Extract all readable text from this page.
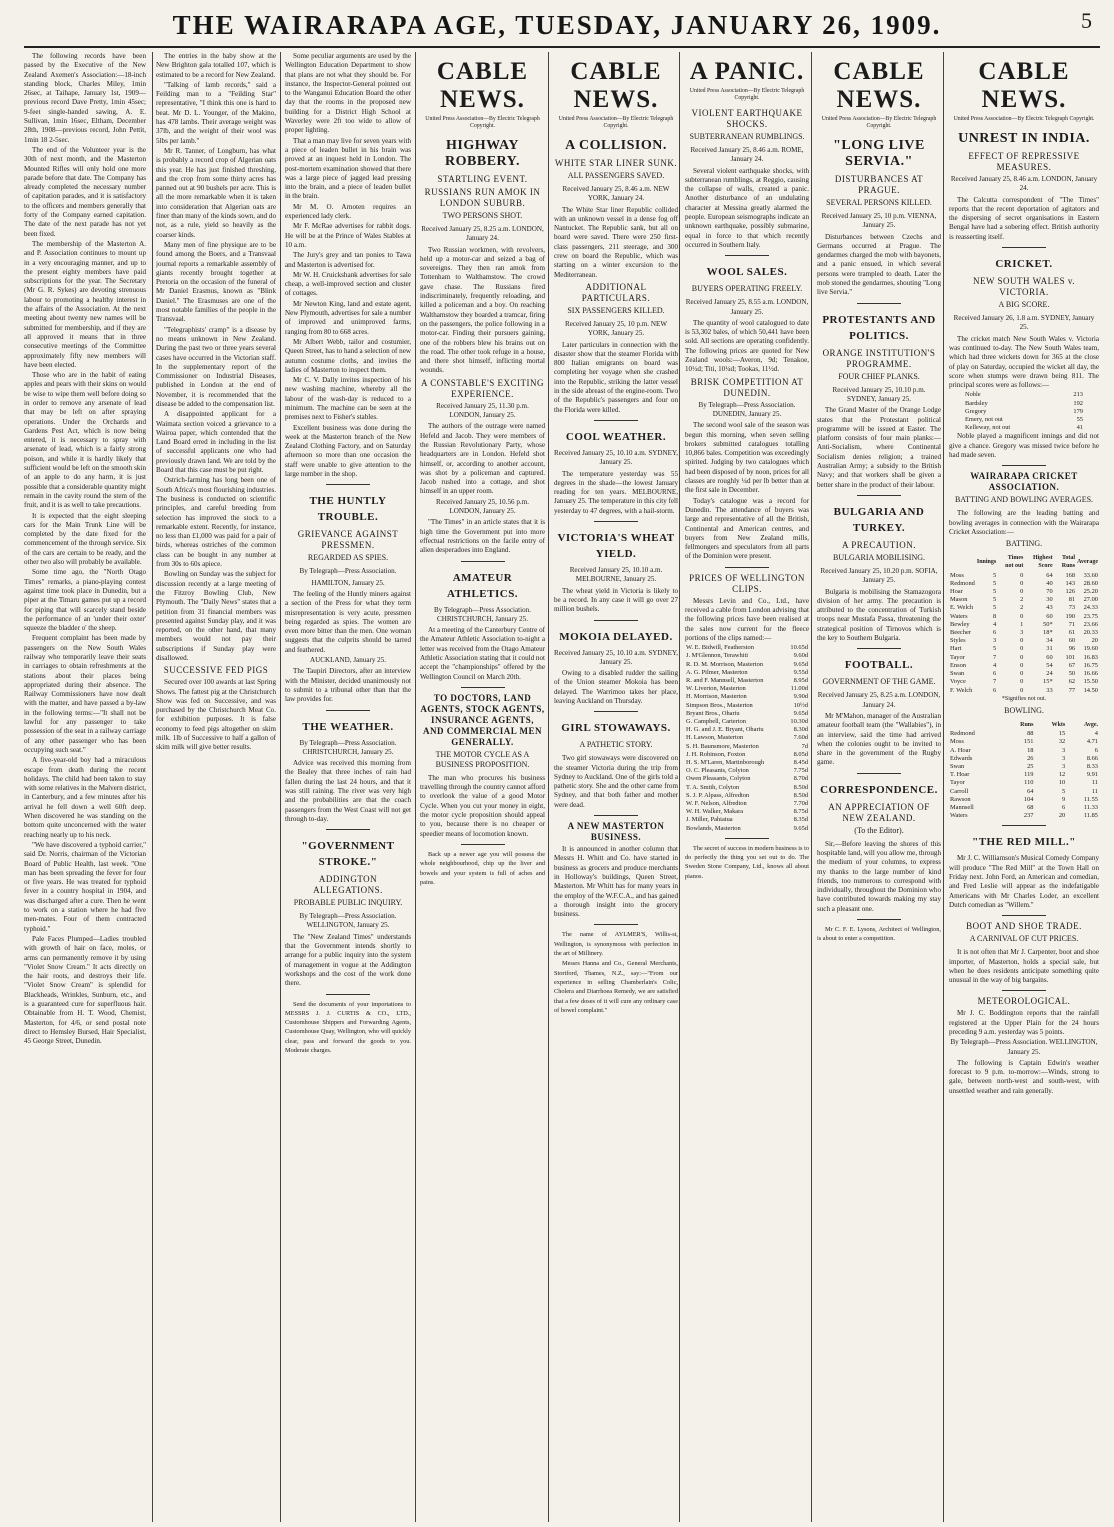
THE WAIRARAPA AGE, TUESDAY, JANUARY 26, 1909.	5

The following records have been passed by the Executive of the New Zealand Axemen's Association:—18-inch standing block, Charles Miley, 1min 26sec, at Taihape, January 1st, 1909—previous record Dave Pretty, 1min 45sec; 9-feet single-handed sawing, A. E. Sullivan, 1min 16sec, Eltham, December 28th, 1908—previous record, John Pettit, 1min 18 2-5sec.

The end of the Volunteer year is the 30th of next month, and the Masterton Mounted Rifles will only hold one more parade before that date. The Company has already completed the necessary number of capitation parades, and it is satisfactory to the officers and members generally that forty of the Company earned capitation. The date of the next parade has not yet been fixed.

The membership of the Masterton A. and P. Association continues to mount up in a very encouraging manner, and up to the present eighty members have paid subscriptions for the year. The Secretary (Mr G. R. Sykes) are devoting strenuous labour to promoting a healthy interest in the affairs of the Association. At the next meeting about twenty new names will be submitted for membership, and if they are all approved it means that in three consecutive meetings of the Committee approximately fifty new members will have been elected.

Those who are in the habit of eating apples and pears with their skins on would be wise to wipe them well before doing so in order to remove any arsenate of lead that may be left on after spraying operations. Under the Orchards and Gardens Pest Act, which is now being entered, it is necessary to spray with arsenate of lead, which is a fairly strong poison, and while it is hardly likely that sufficient would be left on the smooth skin of an apple to do any harm, it is just possible that a considerable quantity might remain in the cavity round the stem of the fruit, and it is as well to take precautions.

It is expected that the eight sleeping cars for the Main Trunk Line will be completed by the date fixed for the commencement of the through service. Six of the cars are certain to be ready, and the other two also will probably be available.

Some time ago, the "North Otago Times" remarks, a piano-playing contest against time took place in Dunedin, but a piper at the Timaru games put up a record for piping that will scarcely stand beside the performance of an 'under their oxter' squeeze the bladder o' the sheep.

Frequent complaint has been made by passengers on the New South Wales railway who temporarily leave their seats in carriages to obtain refreshments at the stations about their places being appropriated during their absence. The Railway Commissioners have now dealt with the matter, and have passed a by-law in the following terms:—"It shall not be lawful for any passenger to take possession of the seat in a railway carriage of any other passenger who has been occupying such seat."

A five-year-old boy had a miraculous escape from death during the recent holidays. The child had been taken to stay with some relatives in the Malvern district, in Canterbury, and a few minutes after his arrival he fell down a well 60ft deep. When discovered he was standing on the bottom quite unconcerned with the water reaching nearly up to his neck.

"We have discovered a typhoid carrier," said Dr. Norris, chairman of the Victorian Board of Public Health, last week. "One man has been spreading the fever for four or five years. He was treated for typhoid fever in a country hospital in 1904, and was discharged after a cure. Then he went to work on a station where he had five men-mates. Four of them contracted typhoid."

Pale Faces Plumped—Ladies troubled with growth of hair on face, moles, or arms can permanently remove it by using "Violet Snow Cream." It acts directly on the hair roots, and destroys their life. "Violet Snow Cream" is splendid for Blackheads, Wrinkles, Sunburn, etc., and is a guaranteed cure for superfluous hair. Obtainable from H. T. Wood, Chemist, Masterton, for 4/6, or send postal note direct to Hemsley Bursed, Hair Specialist, 45 George Street, Dunedin.

The entries in the baby show at the New Brighton gala totalled 107, which is estimated to be a record for New Zealand.

"Talking of lamb records," said a Feilding man to a "Feilding Star" representative, "I think this one is hard to beat. Mr D. L. Younger, of the Makino, has 478 lambs. Their average weight was 37lb, and the weight of their wool was 5lbs per lamb."

Mr R. Tanner, of Longburn, has what is probably a record crop of Algerian oats this year. He has just finished threshing, and the crop from some thirty acres has panned out at 90 bushels per acre. This is all the more remarkable when it is taken into consideration that Algerian oats are finer than many of the kinds sown, and do not, as a rule, yield so heavily as the coarser kinds.

Many men of fine physique are to be found among the Boers, and a Transvaal journal reports a remarkable assembly of giants recently brought together at Pretoria on the occasion of the funeral of Mr Daniel Erasmus, known as "Blink Daniel." The Erasmuses are one of the most notable families of the people in the Transvaal.

"Telegraphists' cramp" is a disease by no means unknown in New Zealand. During the past two or three years several cases have occurred in the Victorian staff. In the supplementary report of the Commissioner on Industrial Diseases, published in London at the end of November, it is recommended that the disease be added to the compensation list.

A disappointed applicant for a Waimata section voiced a grievance to a Wairoa paper, which contended that the Land Board erred in including in the list of successful applicants one who had previously drawn land. We are told by the Board that this case must be put right.

Ostrich-farming has long been one of South Africa's most flourishing industries. The business is conducted on scientific principles, and careful breeding from selection has improved the stock to a remarkable extent. Recently, for instance, no less than £1,000 was paid for a pair of birds, whereas ostriches of the common class can be bought in any number at from 30s to 60s apiece.

Bowling on Sunday was the subject for discussion recently at a large meeting of the Fitzroy Bowling Club, New Plymouth. The "Daily News" states that a petition from 31 financial members was presented against Sunday play, and it was reported, on the other hand, that many members would not pay their subscriptions if Sunday play were disallowed.

SUCCESSIVE FED PIGS

Secured over 100 awards at last Spring Shows. The fattest pig at the Christchurch Show was fed on Successive, and was purchased by the Christchurch Meat Co. for exhibition purposes. It is false economy to feed pigs altogether on skim milk. 1lb of Successive to half a gallon of skim milk will give better results.

Some peculiar arguments are used by the Wellington Education Department to show that plans are not what they should be. For instance, the Inspector-General pointed out to the Wanganui Education Board the other day that the rooms in the proposed new building for a District High School at Waverley were 2ft too wide to allow of proper lighting.

That a man may live for seven years with a piece of leaden bullet in his brain was proved at an inquest held in London. The post-mortem examination showed that there was a large piece of jagged lead pressing into the brain, and a piece of leaden bullet in the brain.

Mr M. O. Arnoten requires an experienced lady clerk.

Mr F. McRae advertises for rabbit dogs. He will be at the Prince of Wales Stables at 10 a.m.

The Jury's grey and tan ponies to Tawa and Masterton is advertised for.

Mr W. H. Cruickshank advertises for sale cheap, a well-improved section and cluster of cottages.

Mr Newton King, land and estate agent, New Plymouth, advertises for sale a number of improved and unimproved farms, ranging from 80 to 668 acres.

Mr Albert Webb, tailor and costumier, Queen Street, has to hand a selection of new autumn costume cloths, and invites the ladies of Masterton to inspect them.

Mr C. V. Dally invites inspection of his new washing machine, whereby all the labour of the wash-day is reduced to a minimum. The machine can be seen at the premises next to Fisher's stables.

Excellent business was done during the week at the Masterton branch of the New Zealand Clothing Factory, and on Saturday afternoon so more than one occasion the staff were unable to give attention to the large number in the shop.

THE HUNTLY TROUBLE.
GRIEVANCE AGAINST PRESSMEN.
REGARDED AS SPIES.
By Telegraph—Press Association.
HAMILTON, January 25.

The feeling of the Huntly miners against a section of the Press for what they term misrepresentation is very acute, pressmen being regarded as spies. The women are even more bitter than the men. One woman suggests that the culprits should be tarred and feathered.

AUCKLAND, January 25.

The Taupiri Directors, after an interview with the Minister, decided unanimously not to submit to a tribunal other than that the law provides for.

THE WEATHER.
By Telegraph—Press Association. CHRISTCHURCH, January 25.

Advice was received this morning from the Bealey that three inches of rain had fallen during the last 24 hours, and that it was still raining. The river was very high and the probabilities are that the coach passengers from the West Coast will not get through to-day.

"GOVERNMENT STROKE."
ADDINGTON ALLEGATIONS.
PROBABLE PUBLIC INQUIRY.
By Telegraph—Press Association. WELLINGTON, January 25.

The "New Zealand Times" understands that the Government intends shortly to arrange for a public inquiry into the system of management in vogue at the Addington workshops and the cost of the work done there.

Send the documents of your importations to MESSRS J. J. CURTIS & CO., LTD., Customhouse Shippers and Forwarding Agents, Customhouse Quay, Wellington, who will quickly clear, pass and forward the goods to you. Moderate charges.

CABLE NEWS.
United Press Association—By Electric Telegraph Copyright.
HIGHWAY ROBBERY.
STARTLING EVENT.
RUSSIANS RUN AMOK IN LONDON SUBURB.
TWO PERSONS SHOT.
Received January 25, 8.25 a.m. LONDON, January 24.

Two Russian workmen, with revolvers, held up a motor-car and seized a bag of sovereigns. They then ran amok from Tottenham to Walthamstow. The crowd gave chase. The Russians fired indiscriminately, frequently reloading, and killed a policeman and a boy. On reaching Walthamstow they boarded a tramcar, firing on the passengers, the police following in a motor-car. Finding their pursuers gaining, one of the robbers blew his brains out on the road. The other took refuge in a house, and there shot himself, inflicting mortal wounds.

A CONSTABLE'S EXCITING EXPERIENCE.
Received January 25, 11.30 p.m. LONDON, January 25.

The authors of the outrage were named Hefeld and Jacob. They were members of the Russian Revolutionary Party, whose headquarters are in London. Hefeld shot himself, or, according to another account, was shot by a policeman and captured. Jacob rushed into a cottage, and shot himself in an upper room.

Received January 25, 10.56 p.m. LONDON, January 25.

"The Times" in an article states that it is high time the Government put into more effectual restrictions on the facile entry of alien desperadoes into England.

AMATEUR ATHLETICS.
By Telegraph—Press Association. CHRISTCHURCH, January 25.

At a meeting of the Canterbury Centre of the Amateur Athletic Association to-night a letter was received from the Otago Amateur Athletic Association stating that it could not accept the "championships" offered by the Wellington Council on March 20th.

TO DOCTORS, LAND AGENTS, STOCK AGENTS, INSURANCE AGENTS, AND COMMERCIAL MEN GENERALLY.
THE MOTOR CYCLE AS A BUSINESS PROPOSITION.

The man who procures his business travelling through the country cannot afford to overlook the value of a good Motor Cycle. When you cut your money in eight, the motor cycle proposition should appeal to you, because there is no cheaper or speedier means of locomotion known.

Back up a newer age you will possess the whole neighbourhood, chip up the liver and bowels and your system is full of aches and pains.

CABLE NEWS.
United Press Association—By Electric Telegraph Copyright.
A COLLISION.
WHITE STAR LINER SUNK.
ALL PASSENGERS SAVED.
Received January 25, 8.46 a.m. NEW YORK, January 24.

The White Star liner Republic collided with an unknown vessel in a dense fog off Nantucket. The Republic sank, but all on board were saved. There were 250 first-class passengers, 211 steerage, and 300 crew on board the Republic, which was starting on a winter excursion to the Mediterranean.

ADDITIONAL PARTICULARS.
SIX PASSENGERS KILLED.
Received January 25, 10 p.m. NEW YORK, January 25.

Later particulars in connection with the disaster show that the steamer Florida with 800 Italian emigrants on board was completing her voyage when she crashed into the Republic, striking the latter vessel in the side abreast of the engine-room. Two of the Republic's passengers and four on the Florida were killed.

COOL WEATHER.
Received January 25, 10.10 a.m. SYDNEY, January 25.

The temperature yesterday was 55 degrees in the shade—the lowest January reading for ten years. MELBOURNE, January 25. The temperature in this city fell yesterday to 47 degrees, with a hail-storm.

VICTORIA'S WHEAT YIELD.
Received January 25, 10.10 a.m. MELBOURNE, January 25.

The wheat yield in Victoria is likely to be a record. In any case it will go over 27 million bushels.

MOKOIA DELAYED.
Received January 25, 10.10 a.m. SYDNEY, January 25.

Owing to a disabled rudder the sailing of the Union steamer Mokoia has been delayed. The Warrimoo takes her place, leaving Auckland on Thursday.

GIRL STOWAWAYS.
A PATHETIC STORY.

Two girl stowaways were discovered on the steamer Victoria during the trip from Sydney to Auckland. One of the girls told a pathetic story. She and the other came from Sydney, and that both father and mother were dead.

A NEW MASTERTON BUSINESS.

It is announced in another column that Messrs H. Whitt and Co. have started in business as grocers and produce merchants in Holloway's buildings, Queen Street, Masterton. Mr Whitt has for many years in the employ of the W.F.C.A., and has gained a thorough insight into the grocery business.

The name of AYLMER'S, Willis-st, Wellington, is synonymous with perfection in the art of Millinery.

Messrs Hanna and Co., General Merchants, Stortford, Thames, N.Z., say:—"From our experience in selling Chamberlain's Colic, Cholera and Diarrhoea Remedy, we are satisfied that a few doses of it will cure any ordinary case of bowel complaint."

A PANIC.
United Press Association—By Electric Telegraph Copyright.
VIOLENT EARTHQUAKE SHOCKS.
SUBTERRANEAN RUMBLINGS.
Received January 25, 8.46 a.m. ROME, January 24.

Several violent earthquake shocks, with subterranean rumblings, at Reggio, causing the collapse of walls, created a panic. Another disturbance of an undulating character at Messina greatly alarmed the people. European seismographs indicate an unknown earthquake, possibly submarine, equal in force to that which recently occurred in Southern Italy.

WOOL SALES.
BUYERS OPERATING FREELY.
Received January 25, 8.55 a.m. LONDON, January 25.

The quantity of wool catalogued to date is 53,302 bales, of which 50,441 have been sold. All sections are operating confidently. The following prices are quoted for New Zealand wools:—Averon, 9d; Tenakoe, 10½d; Titi, 10¼d; Tookas, 11½d.

BRISK COMPETITION AT DUNEDIN.
By Telegraph—Press Association. DUNEDIN, January 25.

The second wool sale of the season was begun this morning, when seven selling brokers submitted catalogues totalling 10,866 bales. Competition was exceedingly spirited. Judging by two catalogues which had been disposed of by noon, prices for all classes are roughly ¼d per lb better than at the first sale in December.

Today's catalogue was a record for Dunedin. The attendance of buyers was large and representative of all the British, Continental and American centres, and buyers from New Zealand mills, fellmongers and speculators from all parts of the Dominion were present.

PRICES OF WELLINGTON CLIPS.

Messrs Levin and Co., Ltd., have received a cable from London advising that the following prices have been realised at the sales now current for the fleece portions of the clips named:—

W. E. Bidwill, Featherston	10.65d
J. M'Glennon, Terawhiti	9.60d
R. D. M. Morrison, Masterton	9.65d
A. G. Pilmer, Masterton	9.55d
R. and F. Mannsell, Masterton	8.95d
W. Liverton, Masterton	11.00d
H. Morrison, Masterton	9.90d
Simpson Bros., Masterton	10½d
Bryant Bros., Ohariu	9.65d
G. Campbell, Carterton	10.30d
H. G. and J. E. Bryant, Ohariu	8.30d
H. Lawson, Masterton	7.60d
S. H. Baunsmore, Masterton	7d
J. H. Robinson, Foxton	8.05d
H. S. M'Laren, Martinborough	8.45d
O. C. Pleasants, Colyton	7.75d
Owen Pleasants, Colyton	8.70d
T. A. Smith, Colyton	8.50d
S. J. P. Alpass, Alfredton	8.50d
W. F. Nelson, Alfredton	7.70d
W. H. Walker, Makara	8.75d
J. Miller, Pahiatua	8.35d
Bowlands, Masterton	9.65d

The secret of success in modern business is to do perfectly the thing you set out to do. The Sweden Stone Company, Ltd., knows all about pianos.

CABLE NEWS.
United Press Association—By Electric Telegraph Copyright.
"LONG LIVE SERVIA."
DISTURBANCES AT PRAGUE.
SEVERAL PERSONS KILLED.
Received January 25, 10 p.m. VIENNA, January 25.

Disturbances between Czechs and Germans occurred at Prague. The gendarmes charged the mob with bayonets, and a panic ensued, in which several persons were trampled to death. Later the mob stoned the gendarmes, shouting "Long live Servia."

PROTESTANTS AND POLITICS.
ORANGE INSTITUTION'S PROGRAMME.
FOUR CHIEF PLANKS.
Received January 25, 10.10 p.m. SYDNEY, January 25.

The Grand Master of the Orange Lodge states that the Protestant political programme will be issued at Easter. The platform consists of four main planks:—Anti-Socialism, where Continental Socialism denies religion; a trained Australian Army; a subsidy to the British Navy; and that workers shall be given a better share in the product of their labour.

BULGARIA AND TURKEY.
A PRECAUTION.
BULGARIA MOBILISING.
Received January 25, 10.20 p.m. SOFIA, January 25.

Bulgaria is mobilising the Stamazogora division of her army. The precaution is attributed to the concentration of Turkish troops near Mustafa Passa, threatening the strategical position of Tirnovos which is the key to Southern Bulgaria.

FOOTBALL.
GOVERNMENT OF THE GAME.
Received January 25, 8.25 a.m. LONDON, January 24.

Mr M'Mahon, manager of the Australian amateur football team (the "Wallabies"), in an interview, said the time had arrived when the colonies ought to be invited to share in the government of the Rugby game.

CORRESPONDENCE.
AN APPRECIATION OF NEW ZEALAND.
(To the Editor).

Sir,—Before leaving the shores of this hospitable land, will you allow me, through the medium of your columns, to express my thanks to the large number of kind friends, too numerous to correspond with individually, throughout the Dominion who have contributed towards making my stay such a pleasant one.

Mr C. F. E. Lysons, Architect of Wellington, is about to enter a competition.

CABLE NEWS.
United Press Association—By Electric Telegraph Copyright.
UNREST IN INDIA.
EFFECT OF REPRESSIVE MEASURES.
Received January 25, 8.46 a.m. LONDON, January 24.

The Calcutta correspondent of "The Times" reports that the recent deportation of agitators and the dispersing of secret organisations in Eastern Bengal have had a sobering effect. British authority is reasserting itself.

CRICKET.
NEW SOUTH WALES v. VICTORIA.
A BIG SCORE.
Received January 26, 1.8 a.m. SYDNEY, January 25.

The cricket match New South Wales v. Victoria was continued to-day. The New South Wales team, which had three wickets down for 365 at the close of play on Saturday, occupied the wicket all day, the score when stumps were drawn being 811. The principal scores were as follows:—

Noble	213
Bardsley	192
Gregory	179
Emery, not out	55
Kelleway, not out	41

Noble played a magnificent innings and did not give a chance. Gregory was missed twice before he had made seven.

WAIRARAPA CRICKET ASSOCIATION.
BATTING AND BOWLING AVERAGES.

The following are the leading batting and bowling averages in connection with the Wairarapa Cricket Association:—

BATTING.
	Innings	Times not out	Highest Score	Total Runs	Average
Moss	5	0	64	168	33.60
Redmond	5	0	40	143	28.60
Hoar	5	0	70	126	25.20
Mason	5	2	30	81	27.00
E. Welch	5	2	43	73	24.33
Waters	8	0	60	190	23.75
Bewley	4	1	50*	71	23.66
Beecher	6	3	18*	61	20.33
Styles	3	0	34	60	20
Hart	5	0	31	96	19.60
Tayor	7	0	60	101	16.83
Enson	4	0	54	67	16.75
Swan	6	0	24	50	16.66
Voyce	7	0	15*	62	15.50
F. Welch	6	0	33	77	14.50
*Signifies not out.
BOWLING.
	Runs	Wkts	Avge.
Redmond	88	15	4
Moss	151	32	4.71
A. Hoar	18	3	6
Edwards	26	3	8.66
Swan	25	3	8.33
T. Hoar	119	12	9.91
Tayor	110	10	11
Carroll	64	5	11
Rawson	104	9	11.55
Mannsell	68	6	11.33
Waters	237	20	11.85
"THE RED MILL."

Mr J. C. Williamson's Musical Comedy Company will produce "The Red Mill" at the Town Hall on Friday next. John Ford, an American and comedian, and Fred Leslie will appear as the indefatigable Americans with Mr Charles Loder, an excellent Dutch comedian as "Willem."

BOOT AND SHOE TRADE.
A CARNIVAL OF CUT PRICES.

It is not often that Mr J. Carpenter, boot and shoe importer, of Masterton, holds a special sale, but when he does residents anticipate something quite unusual in the way of big bargains.

METEOROLOGICAL.

Mr J. C. Boddington reports that the rainfall registered at the Upper Plain for the 24 hours preceding 9 a.m. yesterday was 5 points.

By Telegraph—Press Association. WELLINGTON, January 25.

The following is Captain Edwin's weather forecast to 9 p.m. to-morrow:—Winds, strong to gale, between north-west and south-west, with unsettled weather and rain generally.
